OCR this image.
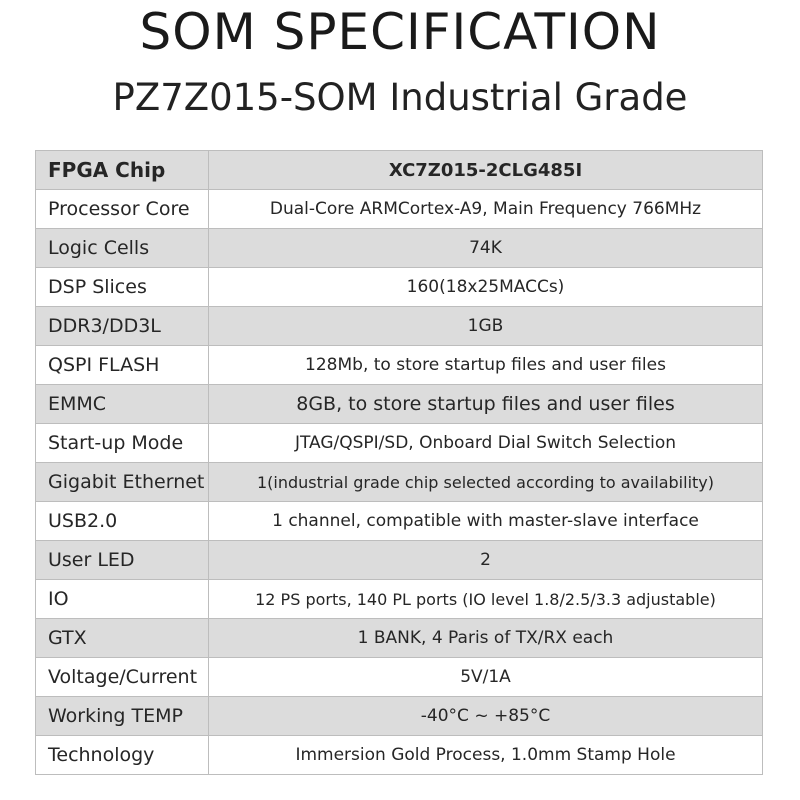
SOM SPECIFICATION
PZ7Z015-SOM Industrial Grade
FPGA Chip	XC7Z015-2CLG485I
Processor Core	Dual-Core ARMCortex-A9, Main Frequency 766MHz
Logic Cells	74K
DSP Slices	160(18x25MACCs)
DDR3/DD3L	1GB
QSPI FLASH	128Mb, to store startup files and user files
EMMC	8GB, to store startup files and user files
Start-up Mode	JTAG/QSPI/SD, Onboard Dial Switch Selection
Gigabit Ethernet	1(industrial grade chip selected according to availability)
USB2.0	1 channel, compatible with master-slave interface
User LED	2
IO	12 PS ports, 140 PL ports (IO level 1.8/2.5/3.3 adjustable)
GTX	1 BANK, 4 Paris of TX/RX each
Voltage/Current	5V/1A
Working TEMP	-40°C ~ +85°C
Technology	Immersion Gold Process, 1.0mm Stamp Hole
